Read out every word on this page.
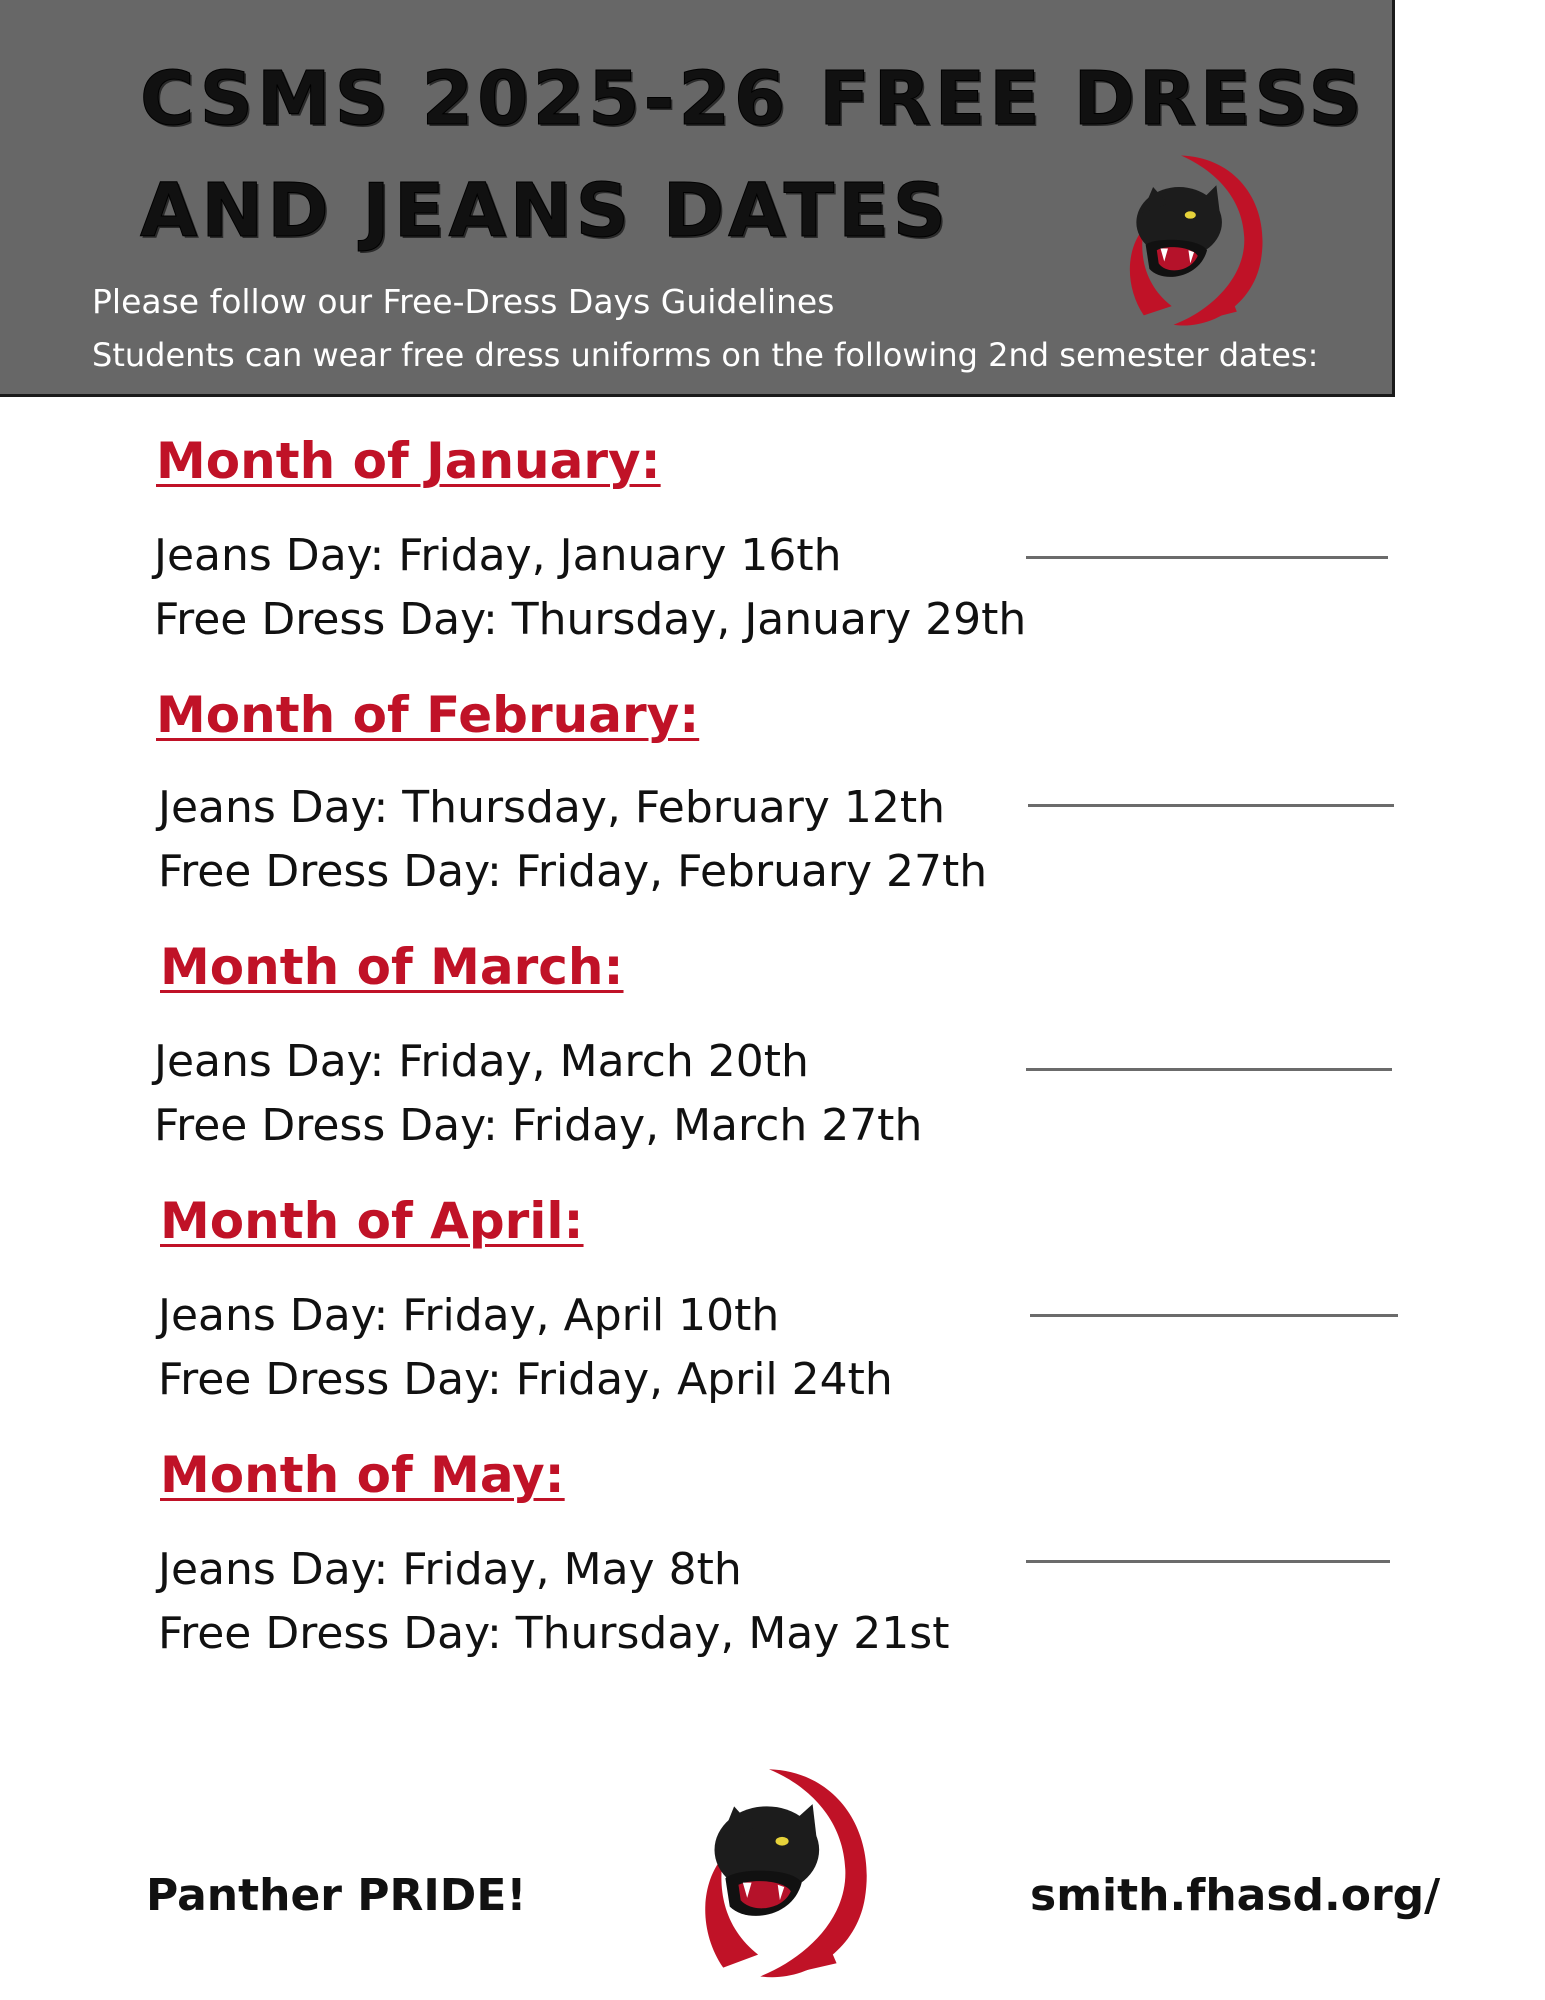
CSMS 2025-26 FREE DRESS
AND JEANS DATES
Please follow our Free-Dress Days Guidelines
Students can wear free dress uniforms on the following 2nd semester dates:
Month of January:
Jeans Day: Friday, January 16th
Free Dress Day: Thursday, January 29th
Month of February:
Jeans Day: Thursday, February 12th
Free Dress Day: Friday, February 27th
Month of March:
Jeans Day: Friday, March 20th
Free Dress Day: Friday, March 27th
Month of April:
Jeans Day: Friday, April 10th
Free Dress Day: Friday, April 24th
Month of May:
Jeans Day: Friday, May 8th
Free Dress Day: Thursday, May 21st
Panther PRIDE!	smith.fhasd.org/
